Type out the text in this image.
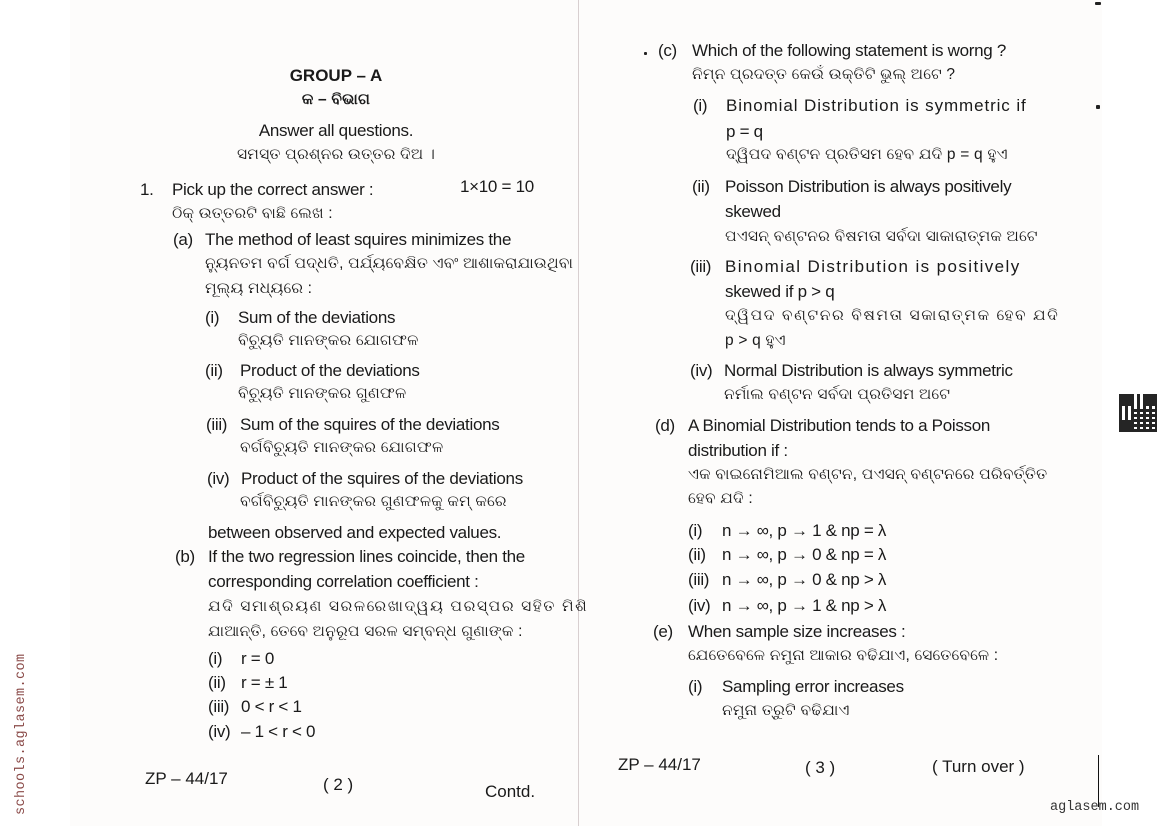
GROUP – A
କ – ବିଭାଗ
Answer all questions.
ସମସ୍ତ ପ୍ରଶ୍ନର ଉତ୍ତର ଦିଅ ।
1. Pick up the correct answer :	1×10 = 10
ଠିକ୍ ଉତ୍ତରଟି ବାଛି ଲେଖ :
(a) The method of least squires minimizes the
ନ୍ୟୁନତମ ବର୍ଗ ପଦ୍ଧତି, ପର୍ଯ୍ୟବେକ୍ଷିତ ଏବଂ ଆଶାକରାଯାଉଥିବା
ମୂଲ୍ୟ ମଧ୍ୟରେ :
(i) Sum of the deviations
ବିଚ୍ୟୁତି ମାନଙ୍କର ଯୋଗଫଳ
(ii) Product of the deviations
ବିଚ୍ୟୁତି ମାନଙ୍କର ଗୁଣଫଳ
(iii) Sum of the squires of the deviations
ବର୍ଗବିଚ୍ୟୁତି ମାନଙ୍କର ଯୋଗଫଳ
(iv) Product of the squires of the deviations
ବର୍ଗବିଚ୍ୟୁତି ମାନଙ୍କର ଗୁଣଫଳକୁ କମ୍ କରେ
between observed and expected values.
(b) If the two regression lines coincide, then the
corresponding correlation coefficient :
ଯଦି ସମାଶ୍ରୟଣ ସରଳରେଖାଦ୍ୱୟ ପରସ୍ପର ସହିତ ମିଶି
ଯାଆନ୍ତି, ତେବେ ଅନୁରୂପ ସରଳ ସମ୍ବନ୍ଧ ଗୁଣାଙ୍କ :
(i) r = 0
(ii) r = ± 1
(iii) 0 < r < 1
(iv) – 1 < r < 0
ZP – 44/17	( 2 )	Contd.
(c) Which of the following statement is worng ?
ନିମ୍ନ ପ୍ରଦତ୍ତ କେଉଁ ଉକ୍ତିଟି ଭୁଲ୍ ଅଟେ ?
(i) Binomial Distribution is symmetric if
p = q
ଦ୍ୱିପଦ ବଣ୍ଟନ ପ୍ରତିସମ ହେବ ଯଦି p = q ହୁଏ
(ii) Poisson Distribution is always positively
skewed
ପଏସନ୍ ବଣ୍ଟନର ବିଷମତା ସର୍ବଦା ସାକାରାତ୍ମକ ଅଟେ
(iii) Binomial Distribution is positively
skewed if p > q
ଦ୍ୱିପଦ ବଣ୍ଟନର ବିଷମତା ସକାରାତ୍ମକ ହେବ ଯଦି
p > q ହୁଏ
(iv) Normal Distribution is always symmetric
ନର୍ମାଲ ବଣ୍ଟନ ସର୍ବଦା ପ୍ରତିସମ ଅଟେ
(d) A Binomial Distribution tends to a Poisson
distribution if :
ଏକ ବାଇନୋମିଆଲ ବଣ୍ଟନ, ପଏସନ୍ ବଣ୍ଟନରେ ପରିବର୍ତ୍ତିତ
ହେବ ଯଦି :
(i) n → ∞, p → 1 & np = λ
(ii) n → ∞, p → 0 & np = λ
(iii) n → ∞, p → 0 & np > λ
(iv) n → ∞, p → 1 & np > λ
(e) When sample size increases :
ଯେତେବେଳେ ନମୁନା ଆକାର ବଢିଯାଏ, ସେତେବେଳେ :
(i) Sampling error increases
ନମୁନା ତ୍ରୁଟି ବଢିଯାଏ
ZP – 44/17	( 3 )	( Turn over )
schools.aglasem.com	aglasem.com
